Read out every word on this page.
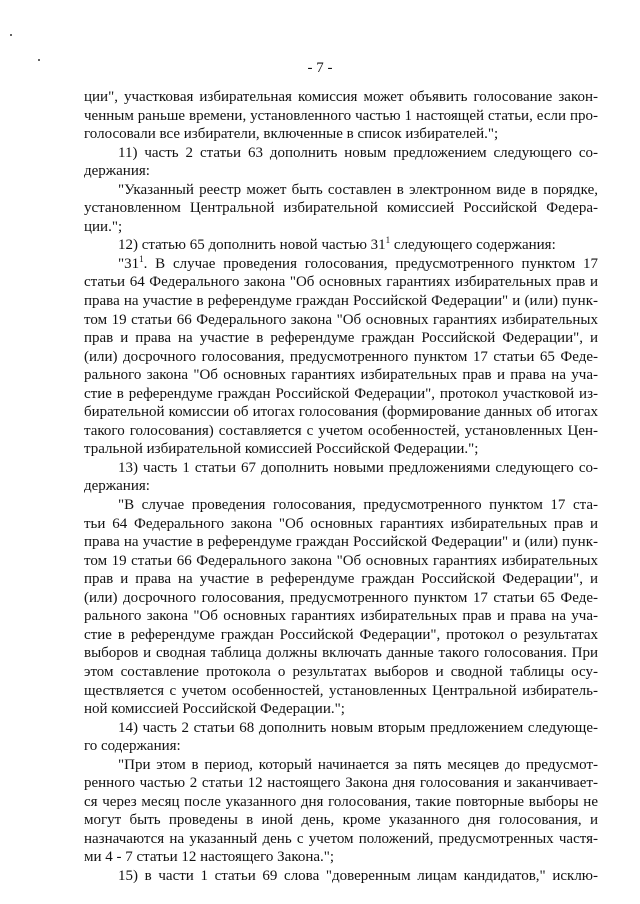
- 7 -
ции", участковая избирательная комиссия может объявить голосование закон-
ченным раньше времени, установленного частью 1 настоящей статьи, если про-
голосовали все избиратели, включенные в список избирателей.";
11) часть 2 статьи 63 дополнить новым предложением следующего со-
держания:
"Указанный реестр может быть составлен в электронном виде в порядке,
установленном Центральной избирательной комиссией Российской Федера-
ции.";
12) статью 65 дополнить новой частью $31^1$ следующего содержания:
"$31^1$. В случае проведения голосования, предусмотренного пунктом 17
статьи 64 Федерального закона "Об основных гарантиях избирательных прав и
права на участие в референдуме граждан Российской Федерации" и (или) пунк-
том 19 статьи 66 Федерального закона "Об основных гарантиях избирательных
прав и права на участие в референдуме граждан Российской Федерации", и
(или) досрочного голосования, предусмотренного пунктом 17 статьи 65 Феде-
рального закона "Об основных гарантиях избирательных прав и права на уча-
стие в референдуме граждан Российской Федерации", протокол участковой из-
бирательной комиссии об итогах голосования (формирование данных об итогах
такого голосования) составляется с учетом особенностей, установленных Цен-
тральной избирательной комиссией Российской Федерации.";
13) часть 1 статьи 67 дополнить новыми предложениями следующего со-
держания:
"В случае проведения голосования, предусмотренного пунктом 17 ста-
тьи 64 Федерального закона "Об основных гарантиях избирательных прав и
права на участие в референдуме граждан Российской Федерации" и (или) пунк-
том 19 статьи 66 Федерального закона "Об основных гарантиях избирательных
прав и права на участие в референдуме граждан Российской Федерации", и
(или) досрочного голосования, предусмотренного пунктом 17 статьи 65 Феде-
рального закона "Об основных гарантиях избирательных прав и права на уча-
стие в референдуме граждан Российской Федерации", протокол о результатах
выборов и сводная таблица должны включать данные такого голосования. При
этом составление протокола о результатах выборов и сводной таблицы осу-
ществляется с учетом особенностей, установленных Центральной избиратель-
ной комиссией Российской Федерации.";
14) часть 2 статьи 68 дополнить новым вторым предложением следующе-
го содержания:
"При этом в период, который начинается за пять месяцев до предусмот-
ренного частью 2 статьи 12 настоящего Закона дня голосования и заканчивает-
ся через месяц после указанного дня голосования, такие повторные выборы не
могут быть проведены в иной день, кроме указанного дня голосования, и
назначаются на указанный день с учетом положений, предусмотренных частя-
ми 4 - 7 статьи 12 настоящего Закона.";
15) в части 1 статьи 69 слова "доверенным лицам кандидатов," исклю-
